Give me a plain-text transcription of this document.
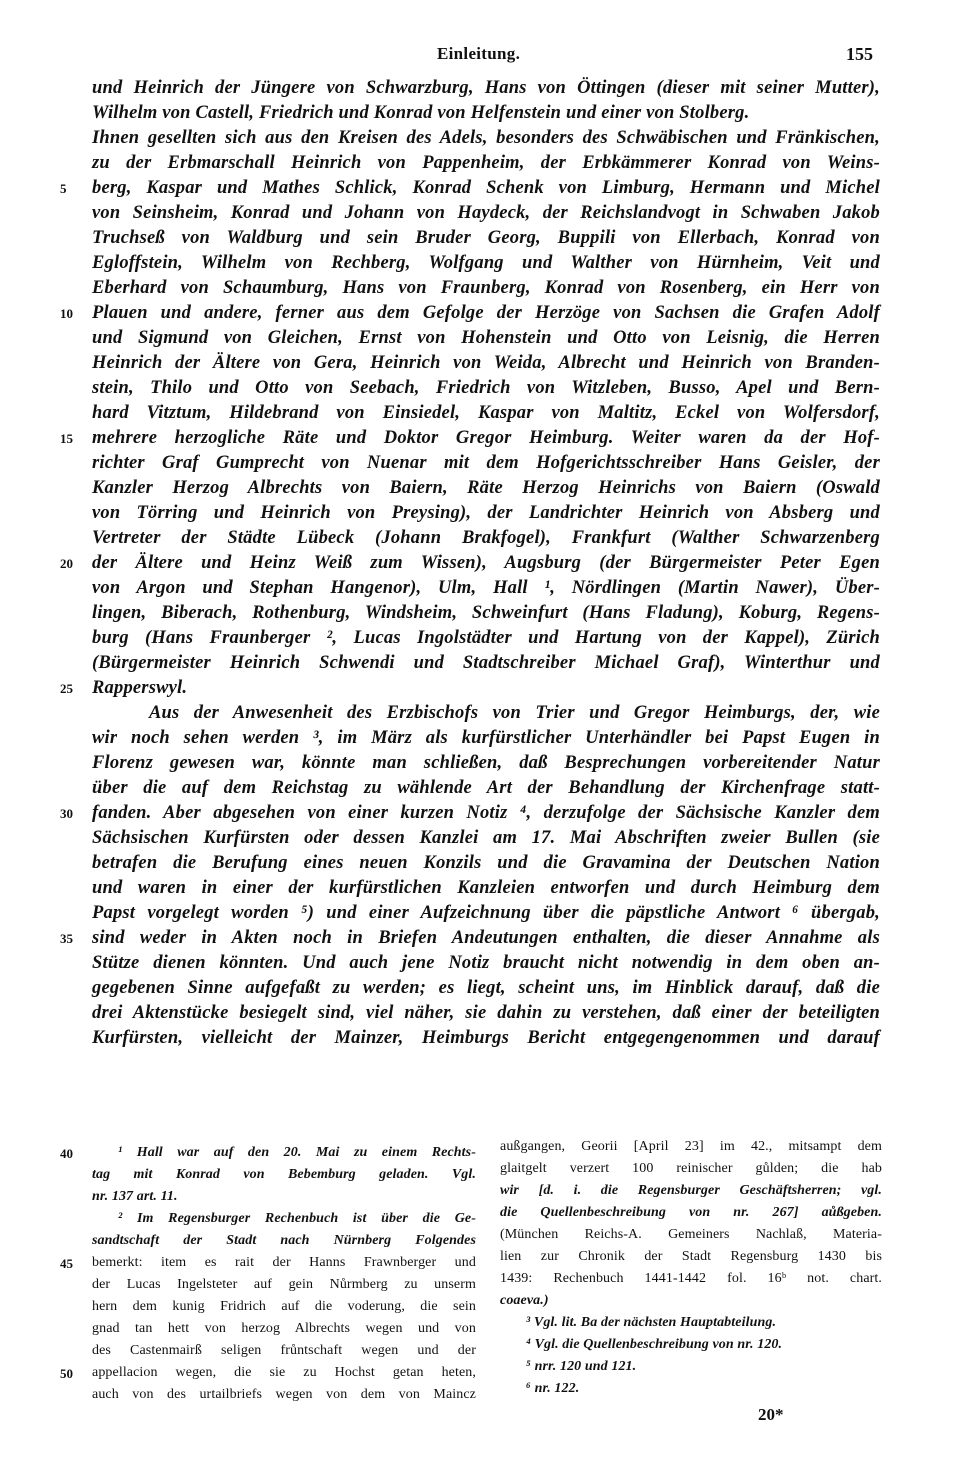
Einleitung.	155
und Heinrich der Jüngere von Schwarzburg, Hans von Öttingen (dieser mit seiner Mutter),
Wilhelm von Castell, Friedrich und Konrad von Helfenstein und einer von Stolberg.
Ihnen gesellten sich aus den Kreisen des Adels, besonders des Schwäbischen und Fränkischen,
zu der Erbmarschall Heinrich von Pappenheim, der Erbkämmerer Konrad von Weins-
berg, Kaspar und Mathes Schlick, Konrad Schenk von Limburg, Hermann und Michel
von Seinsheim, Konrad und Johann von Haydeck, der Reichslandvogt in Schwaben Jakob
Truchseß von Waldburg und sein Bruder Georg, Buppili von Ellerbach, Konrad von
Egloffstein, Wilhelm von Rechberg, Wolfgang und Walther von Hürnheim, Veit und
Eberhard von Schaumburg, Hans von Fraunberg, Konrad von Rosenberg, ein Herr von
Plauen und andere, ferner aus dem Gefolge der Herzöge von Sachsen die Grafen Adolf
und Sigmund von Gleichen, Ernst von Hohenstein und Otto von Leisnig, die Herren
Heinrich der Ältere von Gera, Heinrich von Weida, Albrecht und Heinrich von Branden-
stein, Thilo und Otto von Seebach, Friedrich von Witzleben, Busso, Apel und Bern-
hard Vitztum, Hildebrand von Einsiedel, Kaspar von Maltitz, Eckel von Wolfersdorf,
mehrere herzogliche Räte und Doktor Gregor Heimburg. Weiter waren da der Hof-
richter Graf Gumprecht von Nuenar mit dem Hofgerichtsschreiber Hans Geisler, der
Kanzler Herzog Albrechts von Baiern, Räte Herzog Heinrichs von Baiern (Oswald
von Törring und Heinrich von Preysing), der Landrichter Heinrich von Absberg und
Vertreter der Städte Lübeck (Johann Brakfogel), Frankfurt (Walther Schwarzenberg
der Ältere und Heinz Weiß zum Wissen), Augsburg (der Bürgermeister Peter Egen
von Argon und Stephan Hangenor), Ulm, Hall ¹, Nördlingen (Martin Nawer), Über-
lingen, Biberach, Rothenburg, Windsheim, Schweinfurt (Hans Fladung), Koburg, Regens-
burg (Hans Fraunberger ², Lucas Ingolstädter und Hartung von der Kappel), Zürich
(Bürgermeister Heinrich Schwendi und Stadtschreiber Michael Graf), Winterthur und
Rapperswyl.
Aus der Anwesenheit des Erzbischofs von Trier und Gregor Heimburgs, der, wie
wir noch sehen werden ³, im März als kurfürstlicher Unterhändler bei Papst Eugen in
Florenz gewesen war, könnte man schließen, daß Besprechungen vorbereitender Natur
über die auf dem Reichstag zu wählende Art der Behandlung der Kirchenfrage statt-
fanden. Aber abgesehen von einer kurzen Notiz ⁴, derzufolge der Sächsische Kanzler dem
Sächsischen Kurfürsten oder dessen Kanzlei am 17. Mai Abschriften zweier Bullen (sie
betrafen die Berufung eines neuen Konzils und die Gravamina der Deutschen Nation
und waren in einer der kurfürstlichen Kanzleien entworfen und durch Heimburg dem
Papst vorgelegt worden ⁵) und einer Aufzeichnung über die päpstliche Antwort ⁶ übergab,
sind weder in Akten noch in Briefen Andeutungen enthalten, die dieser Annahme als
Stütze dienen könnten. Und auch jene Notiz braucht nicht notwendig in dem oben an-
gegebenen Sinne aufgefaßt zu werden; es liegt, scheint uns, im Hinblick darauf, daß die
drei Aktenstücke besiegelt sind, viel näher, sie dahin zu verstehen, daß einer der beteiligten
Kurfürsten, vielleicht der Mainzer, Heimburgs Bericht entgegengenommen und darauf
5
10
15
20
25
30
35
40
45
50
¹ Hall war auf den 20. Mai zu einem Rechts-
tag mit Konrad von Bebemburg geladen. Vgl.
nr. 137 art. 11.
² Im Regensburger Rechenbuch ist über die Ge-
sandtschaft der Stadt nach Nürnberg Folgendes
bemerkt: item es rait der Hanns Frawnberger und
der Lucas Ingelsteter auf gein Nůrmberg zu unserm
hern dem kunig Fridrich auf die voderung, die sein
gnad tan hett von herzog Albrechts wegen und von
des Castenmairß seligen frůntschaft wegen und der
appellacion wegen, die sie zu Hochst getan heten,
auch von des urtailbriefs wegen von dem von Maincz
außgangen, Georii [April 23] im 42., mitsampt dem
glaitgelt verzert 100 reinischer gůlden; die hab
wir [d. i. die Regensburger Geschäftsherren; vgl.
die Quellenbeschreibung von nr. 267] aůßgeben.
(München Reichs-A. Gemeiners Nachlaß, Materia-
lien zur Chronik der Stadt Regensburg 1430 bis
1439: Rechenbuch 1441-1442 fol. 16ᵇ not. chart.
coaeva.)
³ Vgl. lit. Ba der nächsten Hauptabteilung.
⁴ Vgl. die Quellenbeschreibung von nr. 120.
⁵ nrr. 120 und 121.
⁶ nr. 122.
20*
